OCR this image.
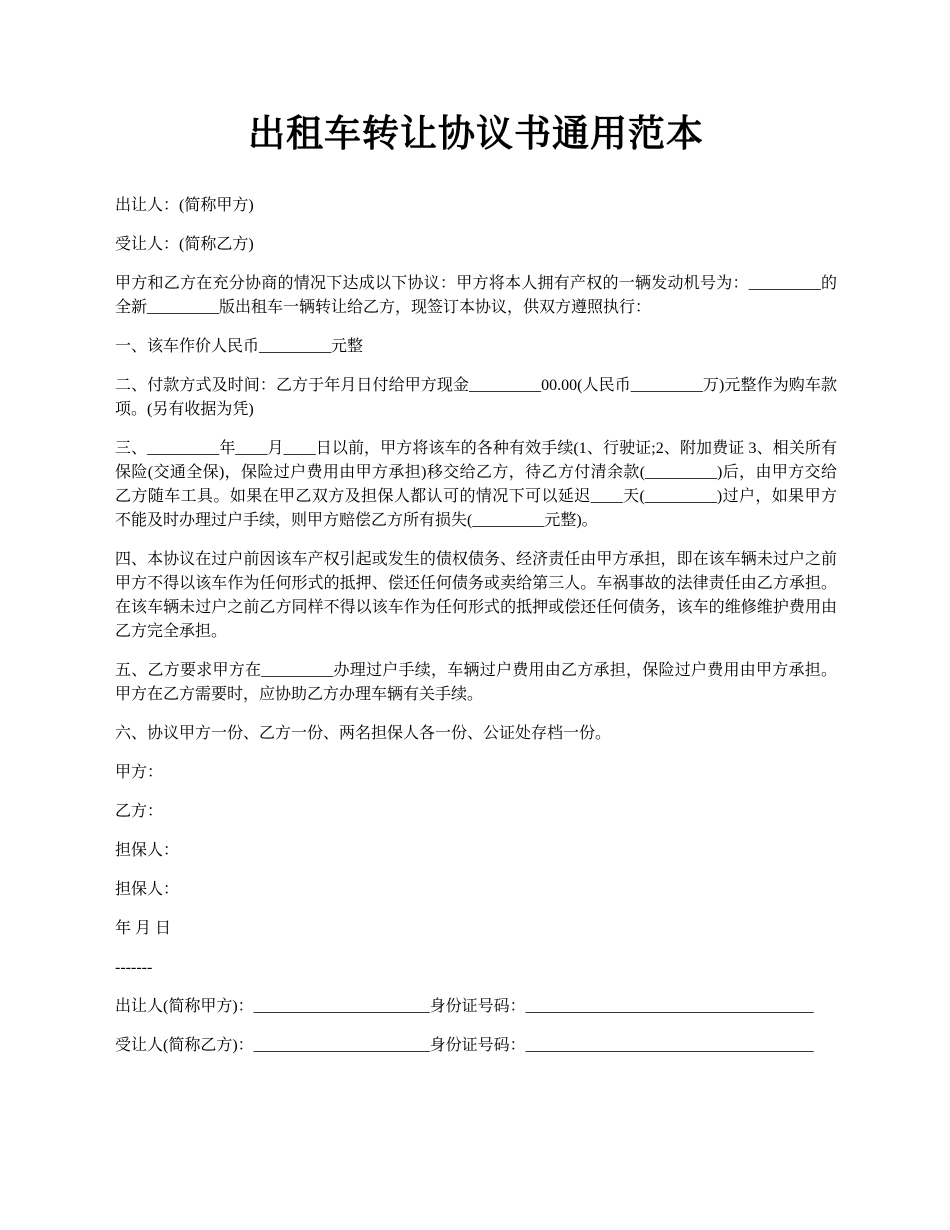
出租车转让协议书通用范本

出让人：(简称甲方)

受让人：(简称乙方)

甲方和乙方在充分协商的情况下达成以下协议：甲方将本人拥有产权的一辆发动机号为：_________的全新_________版出租车一辆转让给乙方，现签订本协议，供双方遵照执行：

一、该车作价人民币_________元整

二、付款方式及时间：乙方于年月日付给甲方现金_________00.00(人民币_________万)元整作为购车款项。(另有收据为凭)

三、_________年____月____日以前，甲方将该车的各种有效手续(1、行驶证;2、附加费证 3、相关所有保险(交通全保)，保险过户费用由甲方承担)移交给乙方，待乙方付清余款(_________)后，由甲方交给乙方随车工具。如果在甲乙双方及担保人都认可的情况下可以延迟____天(_________)过户，如果甲方不能及时办理过户手续，则甲方赔偿乙方所有损失(_________元整)。

四、本协议在过户前因该车产权引起或发生的债权债务、经济责任由甲方承担，即在该车辆未过户之前甲方不得以该车作为任何形式的抵押、偿还任何债务或卖给第三人。车祸事故的法律责任由乙方承担。在该车辆未过户之前乙方同样不得以该车作为任何形式的抵押或偿还任何债务，该车的维修维护费用由乙方完全承担。

五、乙方要求甲方在_________办理过户手续，车辆过户费用由乙方承担，保险过户费用由甲方承担。甲方在乙方需要时，应协助乙方办理车辆有关手续。

六、协议甲方一份、乙方一份、两名担保人各一份、公证处存档一份。

甲方：

乙方：

担保人：

担保人：

年 月 日

-------

出让人(简称甲方)：______________________身份证号码：____________________________________

受让人(简称乙方)：______________________身份证号码：____________________________________
